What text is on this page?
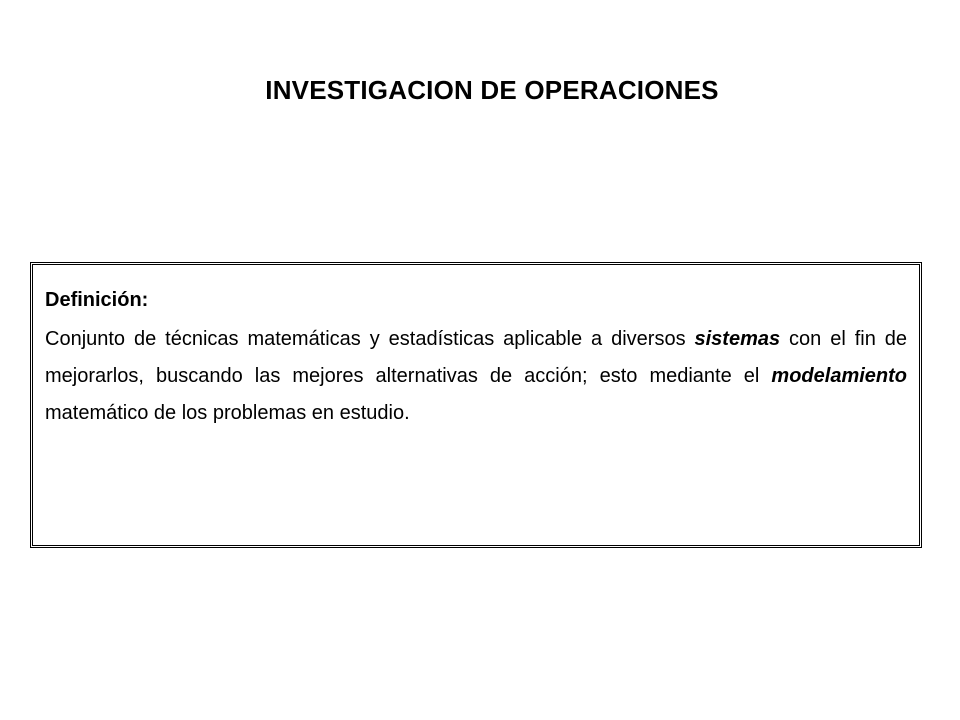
INVESTIGACION DE OPERACIONES

Definición:

Conjunto de técnicas matemáticas y estadísticas aplicable a diversos sistemas con el fin de mejorarlos, buscando las mejores alternativas de acción; esto mediante el modelamiento matemático de los problemas en estudio.
